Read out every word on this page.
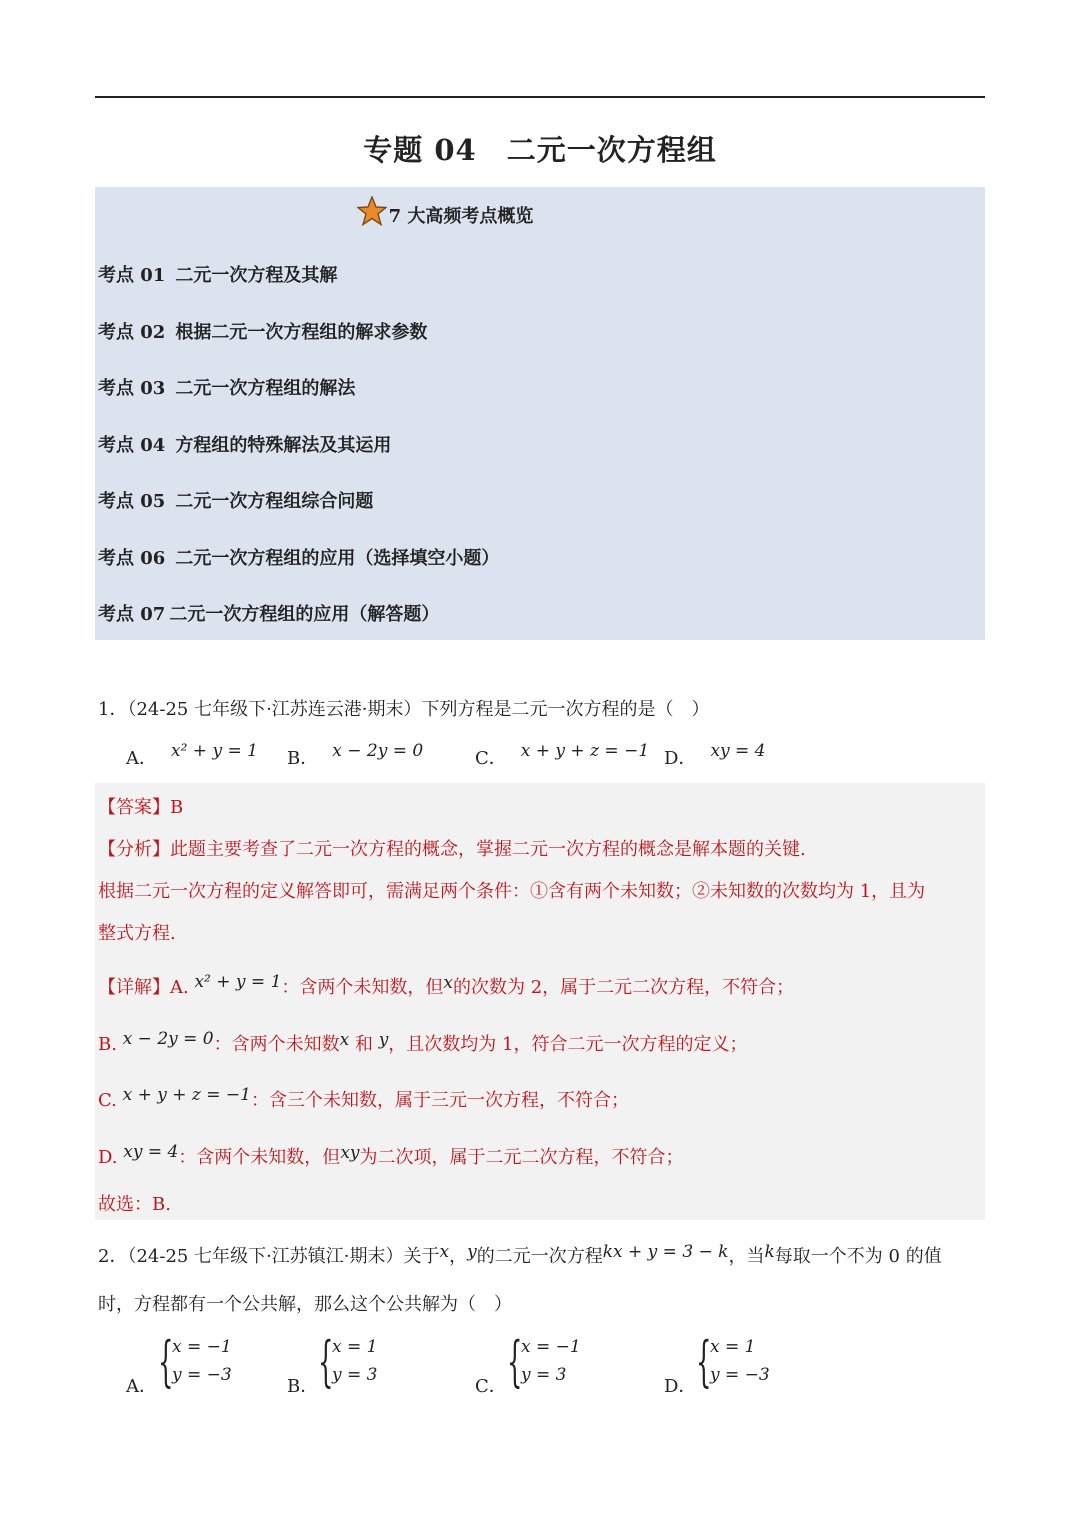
专题 04　二元一次方程组
7 大高频考点概览
考点 01 二元一次方程及其解
考点 02 根据二元一次方程组的解求参数
考点 03 二元一次方程组的解法
考点 04 方程组的特殊解法及其运用
考点 05 二元一次方程组综合问题
考点 06 二元一次方程组的应用（选择填空小题）
考点 07 二元一次方程组的应用（解答题）
1．（24-25 七年级下·江苏连云港·期末）下列方程是二元一次方程的是（　）
A． x² + y = 1 B． x − 2y = 0	C． x + y + z = −1 D． xy = 4
【答案】B
【分析】此题主要考查了二元一次方程的概念，掌握二元一次方程的概念是解本题的关键.
根据二元一次方程的定义解答即可，需满足两个条件：①含有两个未知数；②未知数的次数均为 1，且为
整式方程.
【详解】A. x² + y = 1：含两个未知数，但x的次数为 2，属于二元二次方程，不符合；
B. x − 2y = 0：含两个未知数x 和 y，且次数均为 1，符合二元一次方程的定义；
C. x + y + z = −1：含三个未知数，属于三元一次方程，不符合；
D. xy = 4：含两个未知数，但xy为二次项，属于二元二次方程，不符合；
故选：B.
2．（24-25 七年级下·江苏镇江·期末）关于x，y的二元一次方程kx + y = 3 − k，当k每取一个不为 0 的值
时，方程都有一个公共解，那么这个公共解为（　）
A． {
x = −1
y = −3
B． {
x = 1
y = 3
C． {
x = −1
y = 3
D． {
x = 1
y = −3
